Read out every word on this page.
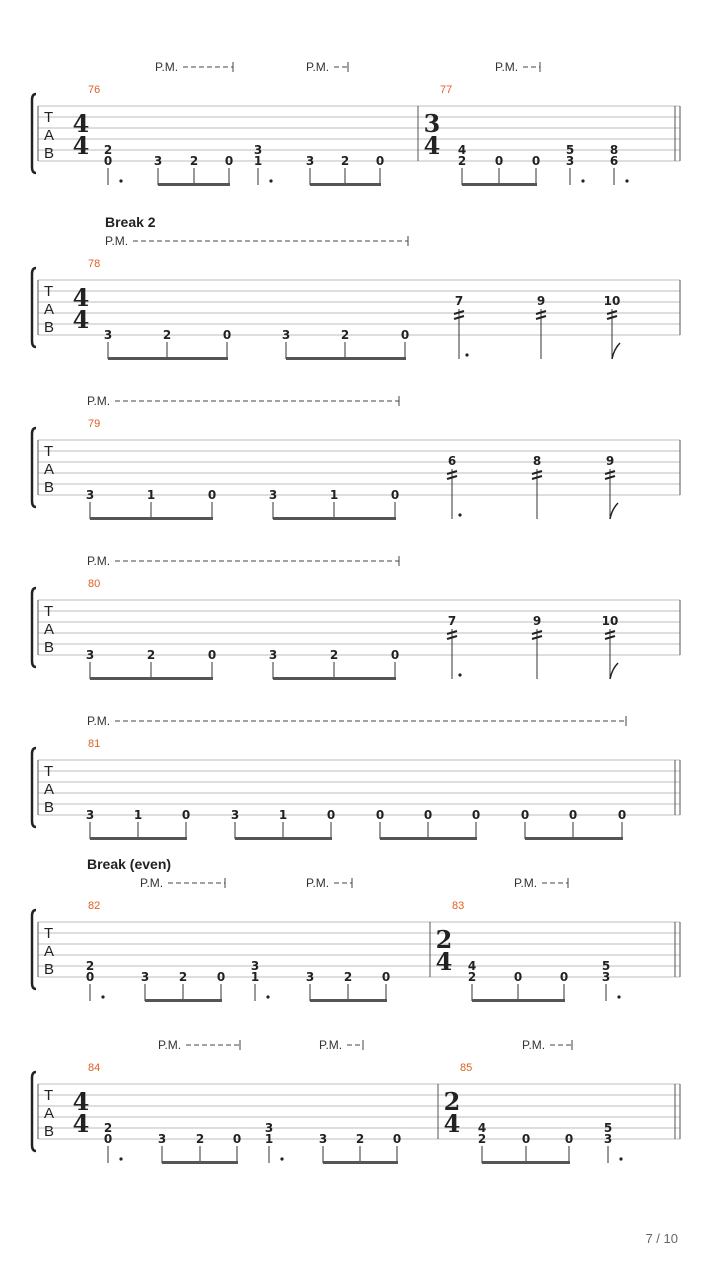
P.M.	P.M.	P.M.
T
A
B
76
4
4 2
0	3 2 0
3
1	3 2 0
77
3
4 4
2 0 0
5
3
8
6
Break 2
P.M.
T
A
B
78
4
4
3	2	0	3	2	0
7	9	10
P.M.
T
A
B
79
3	1	0	3	1	0
6	8	9
P.M.
T
A
B
80
3	2	0	3	2	0
7	9	10
P.M.
T
A
B
81
3	1	0	3	1	0	0	0	0	0	0	0
Break (even)
P.M.	P.M.	P.M.
T
A
B
82
2
0	3 2 0
3
1	3 2 0
83
2
4 4
2	0	0
5
3
P.M.	P.M.	P.M.
T
A
B
84
4
4 2
0	3 2 0
3
1	3 2 0
85
2
4 4
2	0	0
5
3
7 / 10
